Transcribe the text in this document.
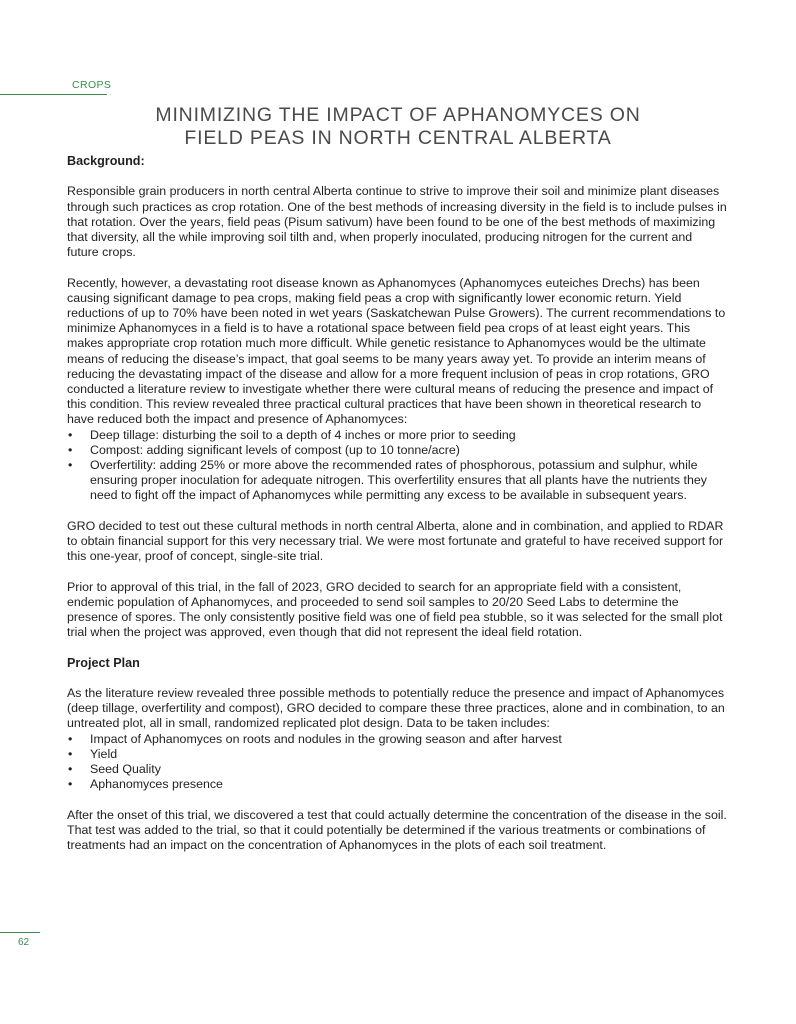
CROPS
MINIMIZING THE IMPACT OF APHANOMYCES ON
FIELD PEAS IN NORTH CENTRAL ALBERTA
Background:

Responsible grain producers in north central Alberta continue to strive to improve their soil and minimize plant diseases through such practices as crop rotation. One of the best methods of increasing diversity in the field is to include pulses in that rotation. Over the years, field peas (Pisum sativum) have been found to be one of the best methods of maximizing that diversity, all the while improving soil tilth and, when properly inoculated, producing nitrogen for the current and future crops.

Recently, however, a devastating root disease known as Aphanomyces (Aphanomyces euteiches Drechs) has been causing significant damage to pea crops, making field peas a crop with significantly lower economic return. Yield reductions of up to 70% have been noted in wet years (Saskatchewan Pulse Growers). The current recommendations to minimize Aphanomyces in a field is to have a rotational space between field pea crops of at least eight years. This makes appropriate crop rotation much more difficult. While genetic resistance to Aphanomyces would be the ultimate means of reducing the disease’s impact, that goal seems to be many years away yet. To provide an interim means of reducing the devastating impact of the disease and allow for a more frequent inclusion of peas in crop rotations, GRO conducted a literature review to investigate whether there were cultural means of reducing the presence and impact of this condition. This review revealed three practical cultural practices that have been shown in theoretical research to have reduced both the impact and presence of Aphanomyces:

• Deep tillage: disturbing the soil to a depth of 4 inches or more prior to seeding
• Compost: adding significant levels of compost (up to 10 tonne/acre)
• Overfertility: adding 25% or more above the recommended rates of phosphorous, potassium and sulphur, while ensuring proper inoculation for adequate nitrogen. This overfertility ensures that all plants have the nutrients they need to fight off the impact of Aphanomyces while permitting any excess to be available in subsequent years.

GRO decided to test out these cultural methods in north central Alberta, alone and in combination, and applied to RDAR to obtain financial support for this very necessary trial. We were most fortunate and grateful to have received support for this one-year, proof of concept, single-site trial.

Prior to approval of this trial, in the fall of 2023, GRO decided to search for an appropriate field with a consistent, endemic population of Aphanomyces, and proceeded to send soil samples to 20/20 Seed Labs to determine the presence of spores. The only consistently positive field was one of field pea stubble, so it was selected for the small plot trial when the project was approved, even though that did not represent the ideal field rotation.

Project Plan

As the literature review revealed three possible methods to potentially reduce the presence and impact of Aphanomyces (deep tillage, overfertility and compost), GRO decided to compare these three practices, alone and in combination, to an untreated plot, all in small, randomized replicated plot design. Data to be taken includes:

• Impact of Aphanomyces on roots and nodules in the growing season and after harvest
• Yield
• Seed Quality
• Aphanomyces presence

After the onset of this trial, we discovered a test that could actually determine the concentration of the disease in the soil. That test was added to the trial, so that it could potentially be determined if the various treatments or combinations of treatments had an impact on the concentration of Aphanomyces in the plots of each soil treatment.

62
